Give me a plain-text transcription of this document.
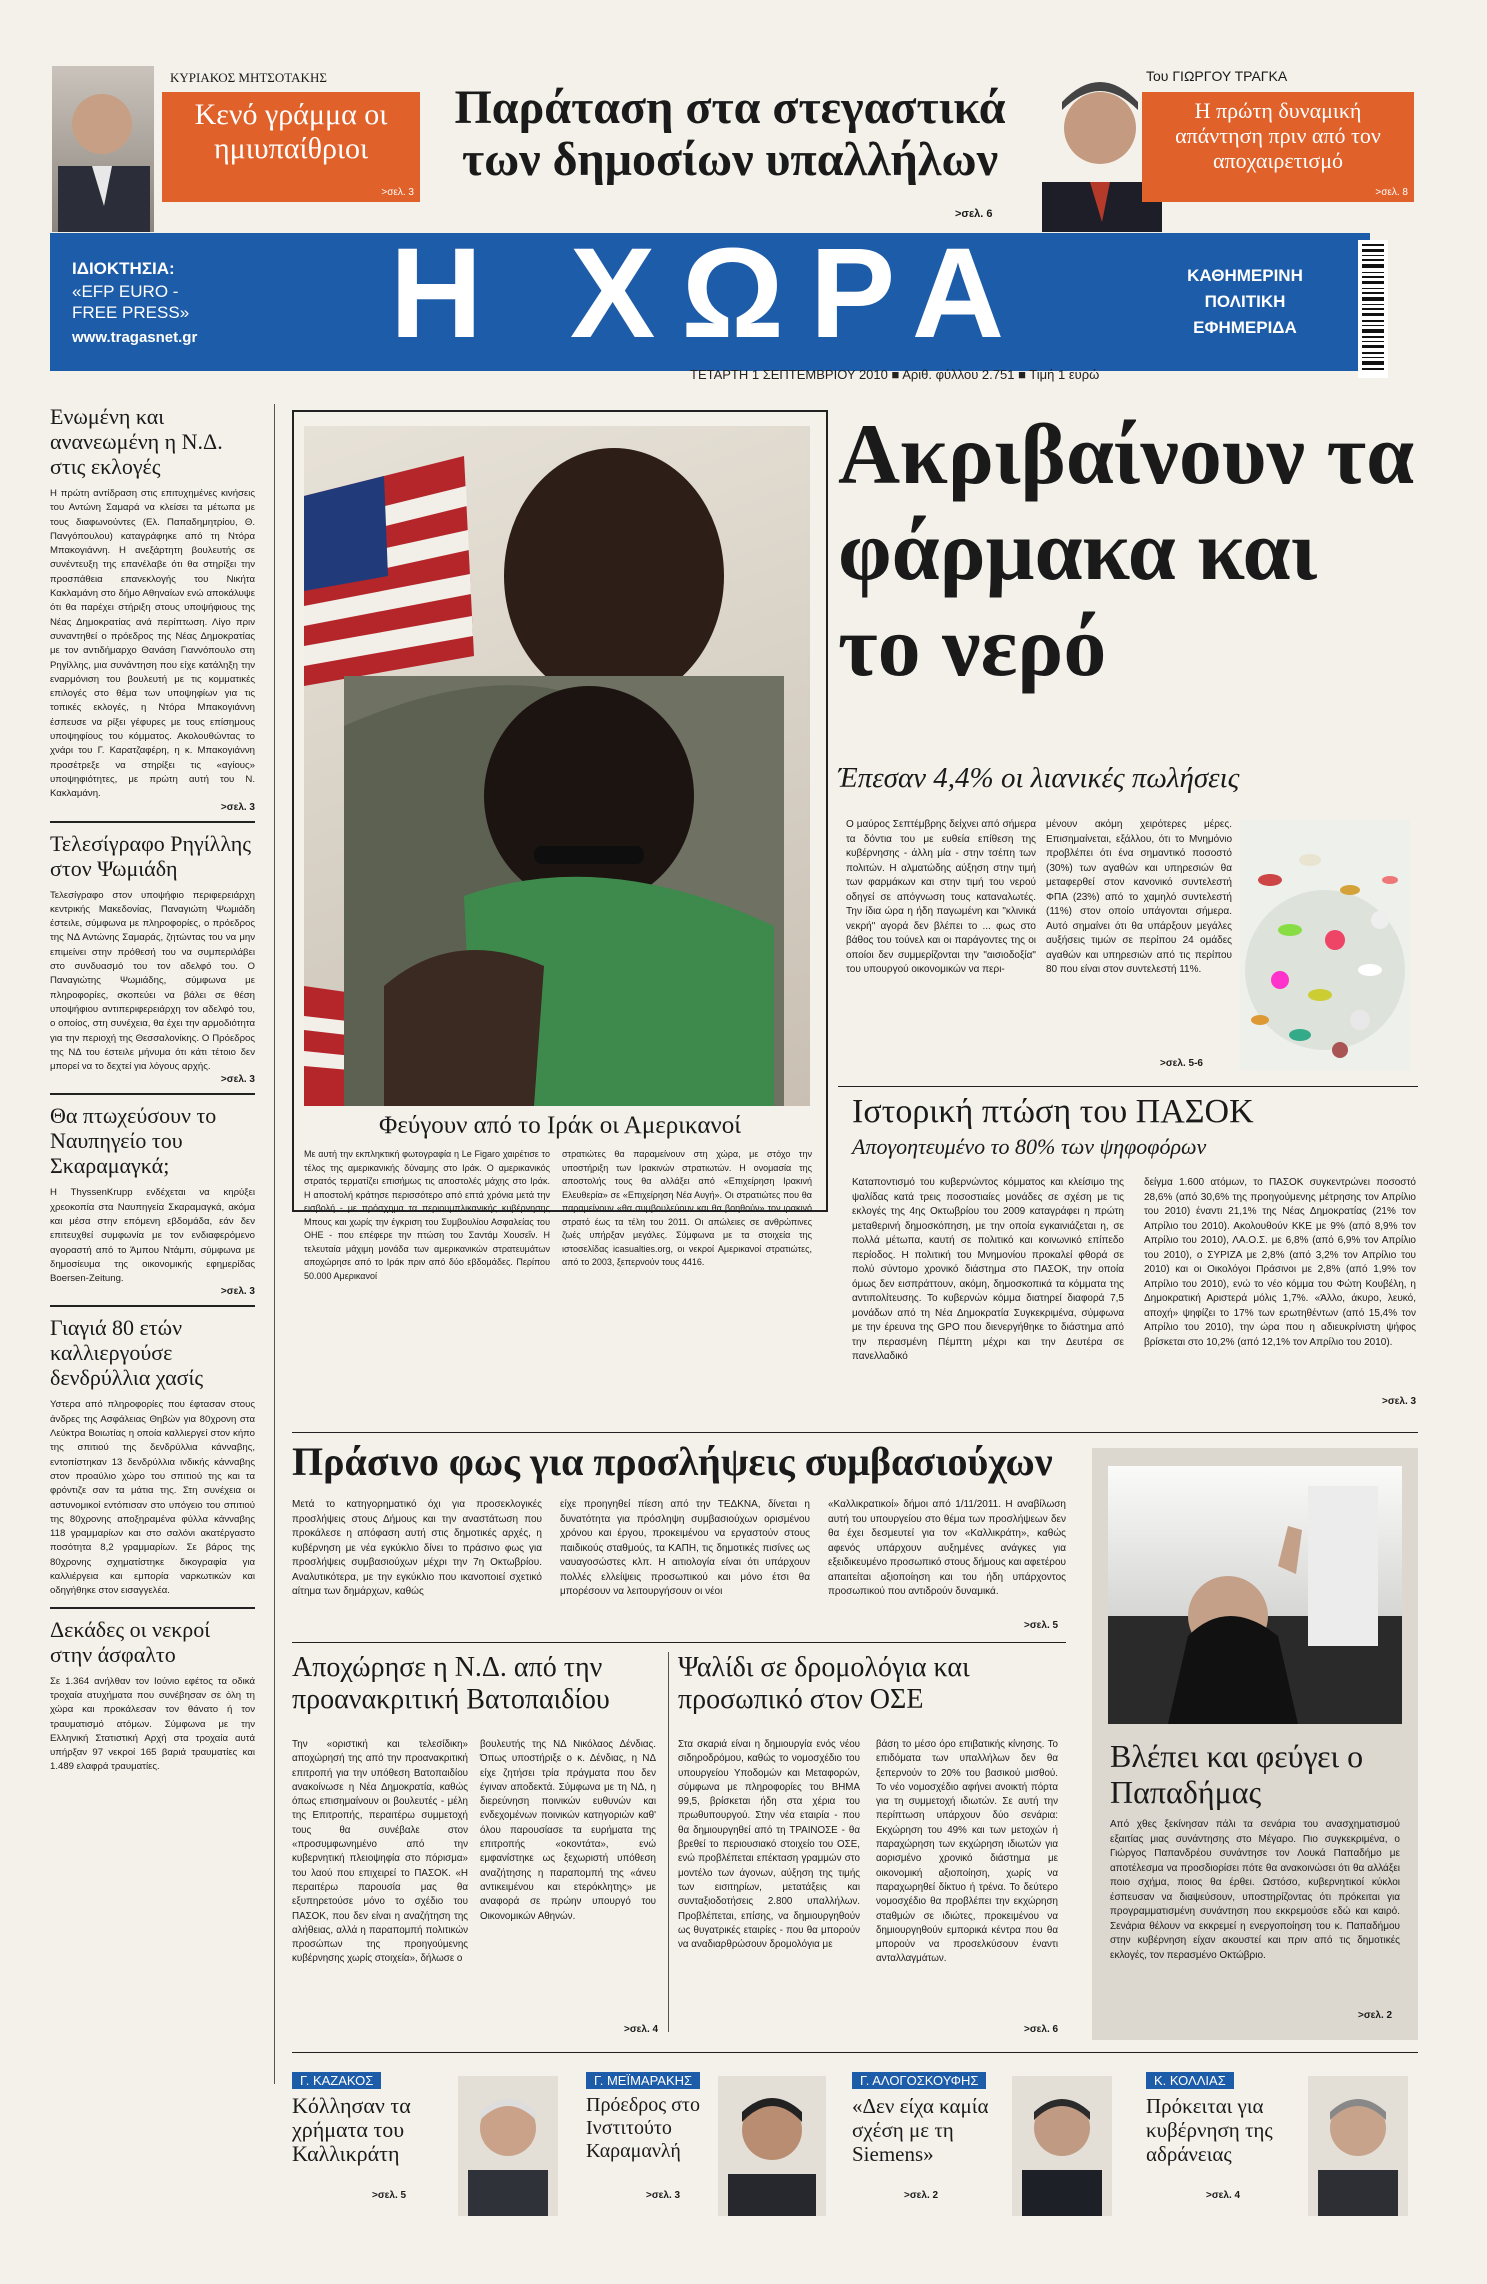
ΚΥΡΙΑΚΟΣ ΜΗΤΣΟΤΑΚΗΣ
Κενό γράμμα οι ημιυπαίθριοι
>σελ. 3
Παράταση στα στεγαστικά των δημοσίων υπαλλήλων
>σελ. 6
Του ΓΙΩΡΓΟΥ ΤΡΑΓΚΑ
Η πρώτη δυναμική απάντηση πριν από τον αποχαιρετισμό
>σελ. 8
ΙΔΙΟΚΤΗΣΙΑ:
«EFP EURO -FREE PRESS»
www.tragasnet.gr	Η ΧΩΡΑ	ΚΑΘΗΜΕΡΙΝΗ ΠΟΛΙΤΙΚΗ ΕΦΗΜΕΡΙΔΑ
ΤΕΤΑΡΤΗ 1 ΣΕΠΤΕΜΒΡΙΟΥ 2010 ■ Αριθ. φύλλου 2.751 ■ Τιμή 1 ευρώ
Ενωμένη και ανανεωμένη η Ν.Δ. στις εκλογές
Η πρώτη αντίδραση στις επιτυχημένες κινήσεις του Αντώνη Σαμαρά να κλείσει τα μέτωπα με τους διαφωνούντες (Ελ. Παπαδημητρίου, Θ. Πανγόπουλου) καταγράφηκε από τη Ντόρα Μπακογιάννη. Η ανεξάρτητη βουλευτής σε συνέντευξη της επανέλαβε ότι θα στηρίξει την προσπάθεια επανεκλογής του Νικήτα Κακλαμάνη στο δήμο Αθηναίων ενώ αποκάλυψε ότι θα παρέχει στήριξη στους υποψήφιους της Νέας Δημοκρατίας ανά περίπτωση. Λίγο πριν συναντηθεί ο πρόεδρος της Νέας Δημοκρατίας με τον αντιδήμαρχο Θανάση Γιαννόπουλο στη Ρηγίλλης, μια συνάντηση που είχε κατάληξη την εναρμόνιση του βουλευτή με τις κομματικές επιλογές στο θέμα των υποψηφίων για τις τοπικές εκλογές, η Ντόρα Μπακογιάννη έσπευσε να ρίξει γέφυρες με τους επίσημους υποψηφίους του κόμματος. Ακολουθώντας το χνάρι του Γ. Καρατζαφέρη, η κ. Μπακογιάννη προσέτρεξε να στηρίξει τις «αγίους» υποψηφιότητες, με πρώτη αυτή του Ν. Κακλαμάνη.
>σελ. 3
Τελεσίγραφο Ρηγίλλης στον Ψωμιάδη
Τελεσίγραφο στον υποψήφιο περιφερειάρχη κεντρικής Μακεδονίας, Παναγιώτη Ψωμιάδη έστειλε, σύμφωνα με πληροφορίες, ο πρόεδρος της ΝΔ Αντώνης Σαμαράς, ζητώντας του να μην επιμείνει στην πρόθεσή του να συμπεριλάβει στο συνδυασμό του τον αδελφό του. Ο Παναγιώτης Ψωμιάδης, σύμφωνα με πληροφορίες, σκοπεύει να βάλει σε θέση υποψήφιου αντιπεριφερειάρχη τον αδελφό του, ο οποίος, στη συνέχεια, θα έχει την αρμοδιότητα για την περιοχή της Θεσσαλονίκης. Ο Πρόεδρος της ΝΔ του έστειλε μήνυμα ότι κάτι τέτοιο δεν μπορεί να το δεχτεί για λόγους αρχής.
>σελ. 3
Θα πτωχεύσουν το Ναυπηγείο του Σκαραμαγκά;
Η ThyssenKrupp ενδέχεται να κηρύξει χρεοκοπία στα Ναυπηγεία Σκαραμαγκά, ακόμα και μέσα στην επόμενη εβδομάδα, εάν δεν επιτευχθεί συμφωνία με τον ενδιαφερόμενο αγοραστή από το Άμπου Ντάμπι, σύμφωνα με δημοσίευμα της οικονομικής εφημερίδας Boersen-Zeitung.
>σελ. 3
Γιαγιά 80 ετών καλλιεργούσε δενδρύλλια χασίς
Υστερα από πληροφορίες που έφτασαν στους άνδρες της Ασφάλειας Θηβών για 80χρονη στα Λεύκτρα Βοιωτίας η οποία καλλιεργεί στον κήπο της σπιτιού της δενδρύλλια κάνναβης, εντοπίστηκαν 13 δενδρύλλια ινδικής κάνναβης στον προαύλιο χώρο του σπιτιού της και τα φρόντιζε σαν τα μάτια της. Στη συνέχεια οι αστυνομικοί εντόπισαν στο υπόγειο του σπιτιού της 80χρονης αποξηραμένα φύλλα κάνναβης 118 γραμμαρίων και στο σαλόνι ακατέργαστο ποσότητα 8,2 γραμμαρίων. Σε βάρος της 80χρονης σχηματίστηκε δικογραφία για καλλιέργεια και εμπορία ναρκωτικών και οδηγήθηκε στον εισαγγελέα.
Δεκάδες οι νεκροί στην άσφαλτο
Σε 1.364 ανήλθαν τον Ιούνιο εφέτος τα οδικά τροχαία ατυχήματα που συνέβησαν σε όλη τη χώρα και προκάλεσαν τον θάνατο ή τον τραυματισμό ατόμων. Σύμφωνα με την Ελληνική Στατιστική Αρχή στα τροχαία αυτά υπήρξαν 97 νεκροί 165 βαριά τραυματίες και 1.489 ελαφρά τραυματίες.
Φεύγουν από το Ιράκ οι Αμερικανοί
Με αυτή την εκπληκτική φωτογραφία η Le Figaro χαιρέτισε το τέλος της αμερικανικής δύναμης στο Ιράκ. Ο αμερικανικός στρατός τερματίζει επισήμως τις αποστολές μάχης στο Ιράκ. Η αποστολή κράτησε περισσότερο από επτά χρόνια μετά την εισβολή - με πρόσχημα τα περιουμπλικανικής κυβέρνησης Μπους και χωρίς την έγκριση του Συμβουλίου Ασφαλείας του ΟΗΕ - που επέφερε την πτώση του Σαντάμ Χουσεΐν. Η τελευταία μάχιμη μονάδα των αμερικανικών στρατευμάτων αποχώρησε από το Ιράκ πριν από δύο εβδομάδες. Περίπου 50.000 Αμερικανοί
στρατιώτες θα παραμείνουν στη χώρα, με στόχο την υποστήριξη των Ιρακινών στρατιωτών. Η ονομασία της αποστολής τους θα αλλάξει από «Επιχείρηση Ιρακινή Ελευθερία» σε «Επιχείρηση Νέα Αυγή». Οι στρατιώτες που θα παραμείνουν «θα συμβουλεύουν και θα βοηθούν» τον ιρακινό στρατό έως τα τέλη του 2011. Οι απώλειες σε ανθρώπινες ζωές υπήρξαν μεγάλες. Σύμφωνα με τα στοιχεία της ιστοσελίδας icasualties.org, οι νεκροί Αμερικανοί στρατιώτες, από το 2003, ξεπερνούν τους 4416.
Ακριβαίνουν τα φάρμακα και το νερό
Έπεσαν 4,4% οι λιανικές πωλήσεις
Ο μαύρος Σεπτέμβρης δείχνει από σήμερα τα δόντια του με ευθεία επίθεση της κυβέρνησης - άλλη μία - στην τσέπη των πολιτών. Η αλματώδης αύξηση στην τιμή των φαρμάκων και στην τιμή του νερού οδηγεί σε απόγνωση τους καταναλωτές. Την ίδια ώρα η ήδη παγωμένη και "κλινικά νεκρή" αγορά δεν βλέπει το ... φως στο βάθος του τούνελ και οι παράγοντες της οι οποίοι δεν συμμερίζονται την "αισιοδοξία" του υπουργού οικονομικών να περι-
μένουν ακόμη χειρότερες μέρες. Επισημαίνεται, εξάλλου, ότι το Μνημόνιο προβλέπει ότι ένα σημαντικό ποσοστό (30%) των αγαθών και υπηρεσιών θα μεταφερθεί στον κανονικό συντελεστή ΦΠΑ (23%) από το χαμηλό συντελεστή (11%) στον οποίο υπάγονται σήμερα. Αυτό σημαίνει ότι θα υπάρξουν μεγάλες αυξήσεις τιμών σε περίπου 24 ομάδες αγαθών και υπηρεσιών από τις περίπου 80 που είναι στον συντελεστή 11%.
>σελ. 5-6
Ιστορική πτώση του ΠΑΣΟΚ
Απογοητευμένο το 80% των ψηφοφόρων
Καταποντισμό του κυβερνώντος κόμματος και κλείσιμο της ψαλίδας κατά τρεις ποσοστιαίες μονάδες σε σχέση με τις εκλογές της 4ης Οκτωβρίου του 2009 καταγράφει η πρώτη μεταθερινή δημοσκόπηση, με την οποία εγκαινιάζεται η, σε πολλά μέτωπα, καυτή σε πολιτικό και κοινωνικό επίπεδο περίοδος. Η πολιτική του Μνημονίου προκαλεί φθορά σε πολύ σύντομο χρονικό διάστημα στο ΠΑΣΟΚ, την οποία όμως δεν εισπράττουν, ακόμη, δημοσκοπικά τα κόμματα της αντιπολίτευσης. Το κυβερνών κόμμα διατηρεί διαφορά 7,5 μονάδων από τη Νέα Δημοκρατία Συγκεκριμένα, σύμφωνα με την έρευνα της GPO που διενεργήθηκε το διάστημα από την περασμένη Πέμπτη μέχρι και την Δευτέρα σε πανελλαδικό
δείγμα 1.600 ατόμων, το ΠΑΣΟΚ συγκεντρώνει ποσοστό 28,6% (από 30,6% της προηγούμενης μέτρησης τον Απρίλιο του 2010) έναντι 21,1% της Νέας Δημοκρατίας (21% τον Απρίλιο του 2010). Ακολουθούν ΚΚΕ με 9% (από 8,9% τον Απρίλιο του 2010), ΛΑ.Ο.Σ. με 6,8% (από 6,9% τον Απρίλιο του 2010), ο ΣΥΡΙΖΑ με 2,8% (από 3,2% τον Απρίλιο του 2010) και οι Οικολόγοι Πράσινοι με 2,8% (από 1,9% τον Απρίλιο του 2010), ενώ το νέο κόμμα του Φώτη Κουβέλη, η Δημοκρατική Αριστερά μόλις 1,7%. «Άλλο, άκυρο, λευκό, αποχή» ψηφίζει το 17% των ερωτηθέντων (από 15,4% τον Απρίλιο του 2010), την ώρα που η αδιευκρίνιστη ψήφος βρίσκεται στο 10,2% (από 12,1% τον Απρίλιο του 2010).
>σελ. 3
Πράσινο φως για προσλήψεις συμβασιούχων
Μετά το κατηγορηματικό όχι για προσεκλογικές προσλήψεις στους Δήμους και την αναστάτωση που προκάλεσε η απόφαση αυτή στις δημοτικές αρχές, η κυβέρνηση με νέα εγκύκλιο δίνει το πράσινο φως για προσλήψεις συμβασιούχων μέχρι την 7η Οκτωβρίου. Αναλυτικότερα, με την εγκύκλιο που ικανοποιεί σχετικό αίτημα των δημάρχων, καθώς
είχε προηγηθεί πίεση από την ΤΕΔΚΝΑ, δίνεται η δυνατότητα για πρόσληψη συμβασιούχων ορισμένου χρόνου και έργου, προκειμένου να εργαστούν στους παιδικούς σταθμούς, τα ΚΑΠΗ, τις δημοτικές πισίνες ως ναυαγοσώστες κλπ. Η αιτιολογία είναι ότι υπάρχουν πολλές ελλείψεις προσωπικού και μόνο έτσι θα μπορέσουν να λειτουργήσουν οι νέοι
«Καλλικρατικοί» δήμοι από 1/11/2011. Η αναβίλωση αυτή του υπουργείου στο θέμα των προσλήψεων δεν θα έχει δεσμευτεί για τον «Καλλικράτη», καθώς αφενός υπάρχουν αυξημένες ανάγκες για εξειδικευμένο προσωπικό στους δήμους και αφετέρου απαιτείται αξιοποίηση και του ήδη υπάρχοντος προσωπικού που αντιδρούν δυναμικά.
>σελ. 5
Αποχώρησε η Ν.Δ. από την προανακριτική Βατοπαιδίου
Την «οριστική και τελεσίδικη» αποχώρησή της από την προανακριτική επιτροπή για την υπόθεση Βατοπαιδίου ανακοίνωσε η Νέα Δημοκρατία, καθώς όπως επισημαίνουν οι βουλευτές - μέλη της Επιτροπής, περαιτέρω συμμετοχή τους θα συνέβαλε στον «προσυμφωνημένο από την κυβερνητική πλειοψηφία στο πόρισμα» του λαού που επιχειρεί το ΠΑΣΟΚ. «Η περαιτέρω παρουσία μας θα εξυπηρετούσε μόνο το σχέδιο του ΠΑΣΟΚ, που δεν είναι η αναζήτηση της αλήθειας, αλλά η παραπομπή πολιτικών προσώπων της προηγούμενης κυβέρνησης χωρίς στοιχεία», δήλωσε ο
βουλευτής της ΝΔ Νικόλαος Δένδιας. Όπως υποστήριξε ο κ. Δένδιας, η ΝΔ είχε ζητήσει τρία πράγματα που δεν έγιναν αποδεκτά. Σύμφωνα με τη ΝΔ, η διερεύνηση ποινικών ευθυνών και ενδεχομένων ποινικών κατηγοριών καθ' όλου παρουσίασε τα ευρήματα της επιτροπής «οκοντάτα», ενώ εμφανίστηκε ως ξεχωριστή υπόθεση αναζήτησης η παραπομπή της «άνευ αντικειμένου και ετερόκλητης» με αναφορά σε πρώην υπουργό του Οικονομικών Αθηνών.
>σελ. 4
Ψαλίδι σε δρομολόγια και προσωπικό στον ΟΣΕ
Στα σκαριά είναι η δημιουργία ενός νέου σιδηροδρόμου, καθώς το νομοσχέδιο του υπουργείου Υποδομών και Μεταφορών, σύμφωνα με πληροφορίες του ΒΗΜΑ 99,5, βρίσκεται ήδη στα χέρια του πρωθυπουργού. Στην νέα εταιρία - που θα δημιουργηθεί από τη ΤΡΑΙΝΟΣΕ - θα βρεθεί το περιουσιακό στοιχείο του ΟΣΕ, ενώ προβλέπεται επέκταση γραμμών στο μοντέλο των άγονων, αύξηση της τιμής των εισιτηρίων, μετατάξεις και συνταξιοδοτήσεις 2.800 υπαλλήλων. Προβλέπεται, επίσης, να δημιουργηθούν ως θυγατρικές εταιρίες - που θα μπορούν να αναδιαρθρώσουν δρομολόγια με
βάση το μέσο όρο επιβατικής κίνησης. Το επιδόματα των υπαλλήλων δεν θα ξεπερνούν το 20% του βασικού μισθού. Το νέο νομοσχέδιο αφήνει ανοικτή πόρτα για τη συμμετοχή ιδιωτών. Σε αυτή την περίπτωση υπάρχουν δύο σενάρια: Εκχώρηση του 49% και των μετοχών ή παραχώρηση των εκχώρηση ιδιωτών για αορισμένο χρονικό διάστημα με οικονομική αξιοποίηση, χωρίς να παραχωρηθεί δίκτυο ή τρένα. Το δεύτερο νομοσχέδιο θα προβλέπει την εκχώρηση σταθμών σε ιδιώτες, προκειμένου να δημιουργηθούν εμπορικά κέντρα που θα μπορούν να προσελκύσουν έναντι ανταλλαγμάτων.
>σελ. 6
Βλέπει και φεύγει ο Παπαδήμας
Από χθες ξεκίνησαν πάλι τα σενάρια του ανασχηματισμού εξαιτίας μιας συνάντησης στο Μέγαρο. Πιο συγκεκριμένα, ο Γιώργος Παπανδρέου συνάντησε τον Λουκά Παπαδήμο με αποτέλεσμα να προσδιορίσει πότε θα ανακοινώσει ότι θα αλλάξει ποιο σχήμα, ποιος θα έρθει. Ωστόσο, κυβερνητικοί κύκλοι έσπευσαν να διαψεύσουν, υποστηρίζοντας ότι πρόκειται για προγραμματισμένη συνάντηση που εκκρεμούσε εδώ και καιρό. Σενάρια θέλουν να εκκρεμεί η ενεργοποίηση του κ. Παπαδήμου στην κυβέρνηση είχαν ακουστεί και πριν από τις δημοτικές εκλογές, τον περασμένο Οκτώβριο.
>σελ. 2
Γ. ΚΑΖΑΚΟΣ
Κόλλησαν τα χρήματα του Καλλικράτη
>σελ. 5
Γ. ΜΕΪΜΑΡΑΚΗΣ
Πρόεδρος στο Ινστιτούτο Καραμανλή
>σελ. 3
Γ. ΑΛΟΓΟΣΚΟΥΦΗΣ
«Δεν είχα καμία σχέση με τη Siemens»
>σελ. 2
Κ. ΚΟΛΛΙΑΣ
Πρόκειται για κυβέρνηση της αδράνειας
>σελ. 4
